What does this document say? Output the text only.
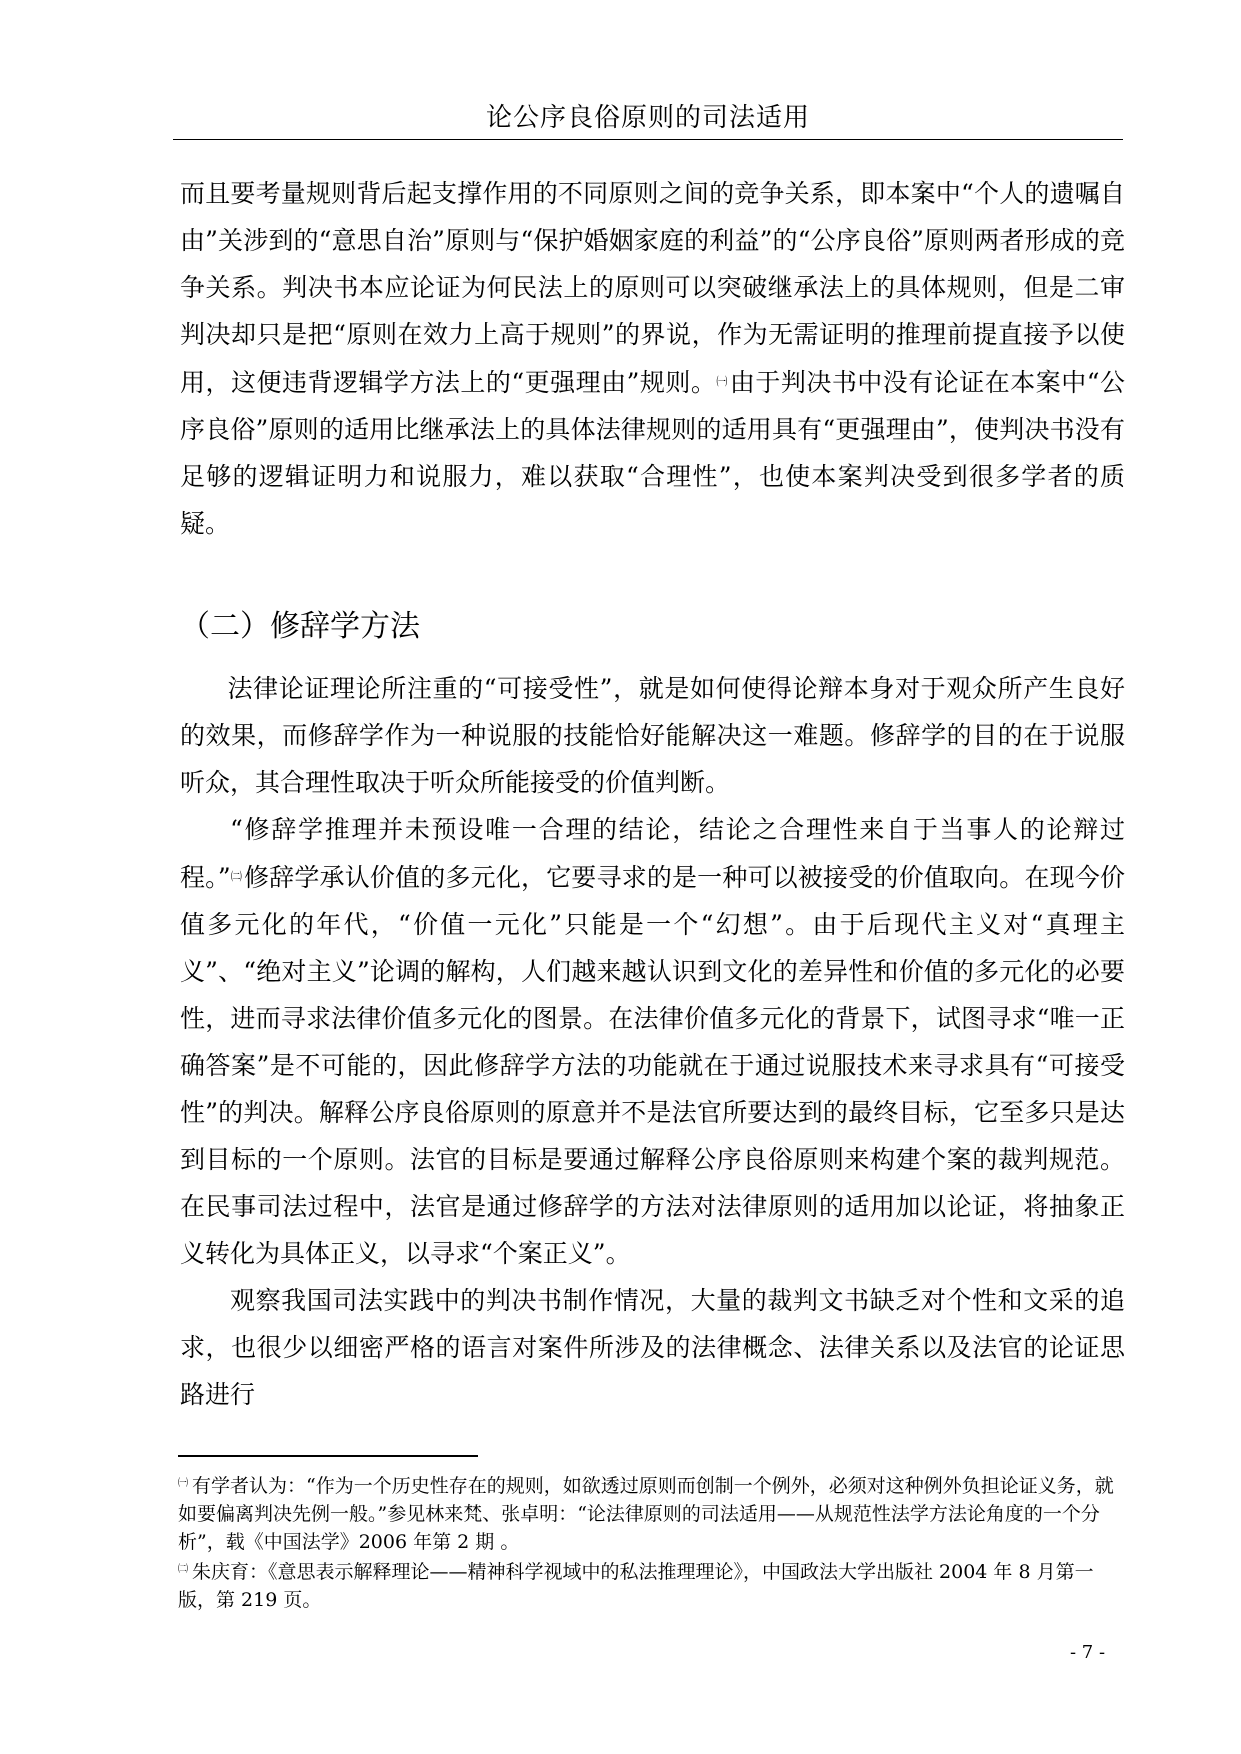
论公序良俗原则的司法适用

而且要考量规则背后起支撑作用的不同原则之间的竞争关系，即本案中“个人的遗嘱自由”关涉到的“意思自治”原则与“保护婚姻家庭的利益”的“公序良俗”原则两者形成的竞争关系。判决书本应论证为何民法上的原则可以突破继承法上的具体规则，但是二审判决却只是把“原则在效力上高于规则”的界说，作为无需证明的推理前提直接予以使用，这便违背逻辑学方法上的“更强理由”规则。$^㈠$由于判决书中没有论证在本案中“公序良俗”原则的适用比继承法上的具体法律规则的适用具有“更强理由”，使判决书没有足够的逻辑证明力和说服力，难以获取“合理性”，也使本案判决受到很多学者的质疑。

（二）修辞学方法

法律论证理论所注重的“可接受性”，就是如何使得论辩本身对于观众所产生良好的效果，而修辞学作为一种说服的技能恰好能解决这一难题。修辞学的目的在于说服听众，其合理性取决于听众所能接受的价值判断。

“修辞学推理并未预设唯一合理的结论，结论之合理性来自于当事人的论辩过程。”$^㈡$修辞学承认价值的多元化，它要寻求的是一种可以被接受的价值取向。在现今价值多元化的年代，“价值一元化”只能是一个“幻想”。由于后现代主义对“真理主义”、“绝对主义”论调的解构，人们越来越认识到文化的差异性和价值的多元化的必要性，进而寻求法律价值多元化的图景。在法律价值多元化的背景下，试图寻求“唯一正确答案”是不可能的，因此修辞学方法的功能就在于通过说服技术来寻求具有“可接受性”的判决。解释公序良俗原则的原意并不是法官所要达到的最终目标，它至多只是达到目标的一个原则。法官的目标是要通过解释公序良俗原则来构建个案的裁判规范。在民事司法过程中，法官是通过修辞学的方法对法律原则的适用加以论证，将抽象正义转化为具体正义，以寻求“个案正义”。

观察我国司法实践中的判决书制作情况，大量的裁判文书缺乏对个性和文采的追求，也很少以细密严格的语言对案件所涉及的法律概念、法律关系以及法官的论证思路进行

$^㈠$ 有学者认为：“作为一个历史性存在的规则，如欲透过原则而创制一个例外，必须对这种例外负担论证义务，就如要偏离判决先例一般。”参见林来梵、张卓明：“论法律原则的司法适用——从规范性法学方法论角度的一个分析”，载《中国法学》2006 年第 2 期 。

$^㈡$ 朱庆育：《意思表示解释理论——精神科学视域中的私法推理理论》，中国政法大学出版社 2004 年 8 月第一版，第 219 页。

- 7 -
